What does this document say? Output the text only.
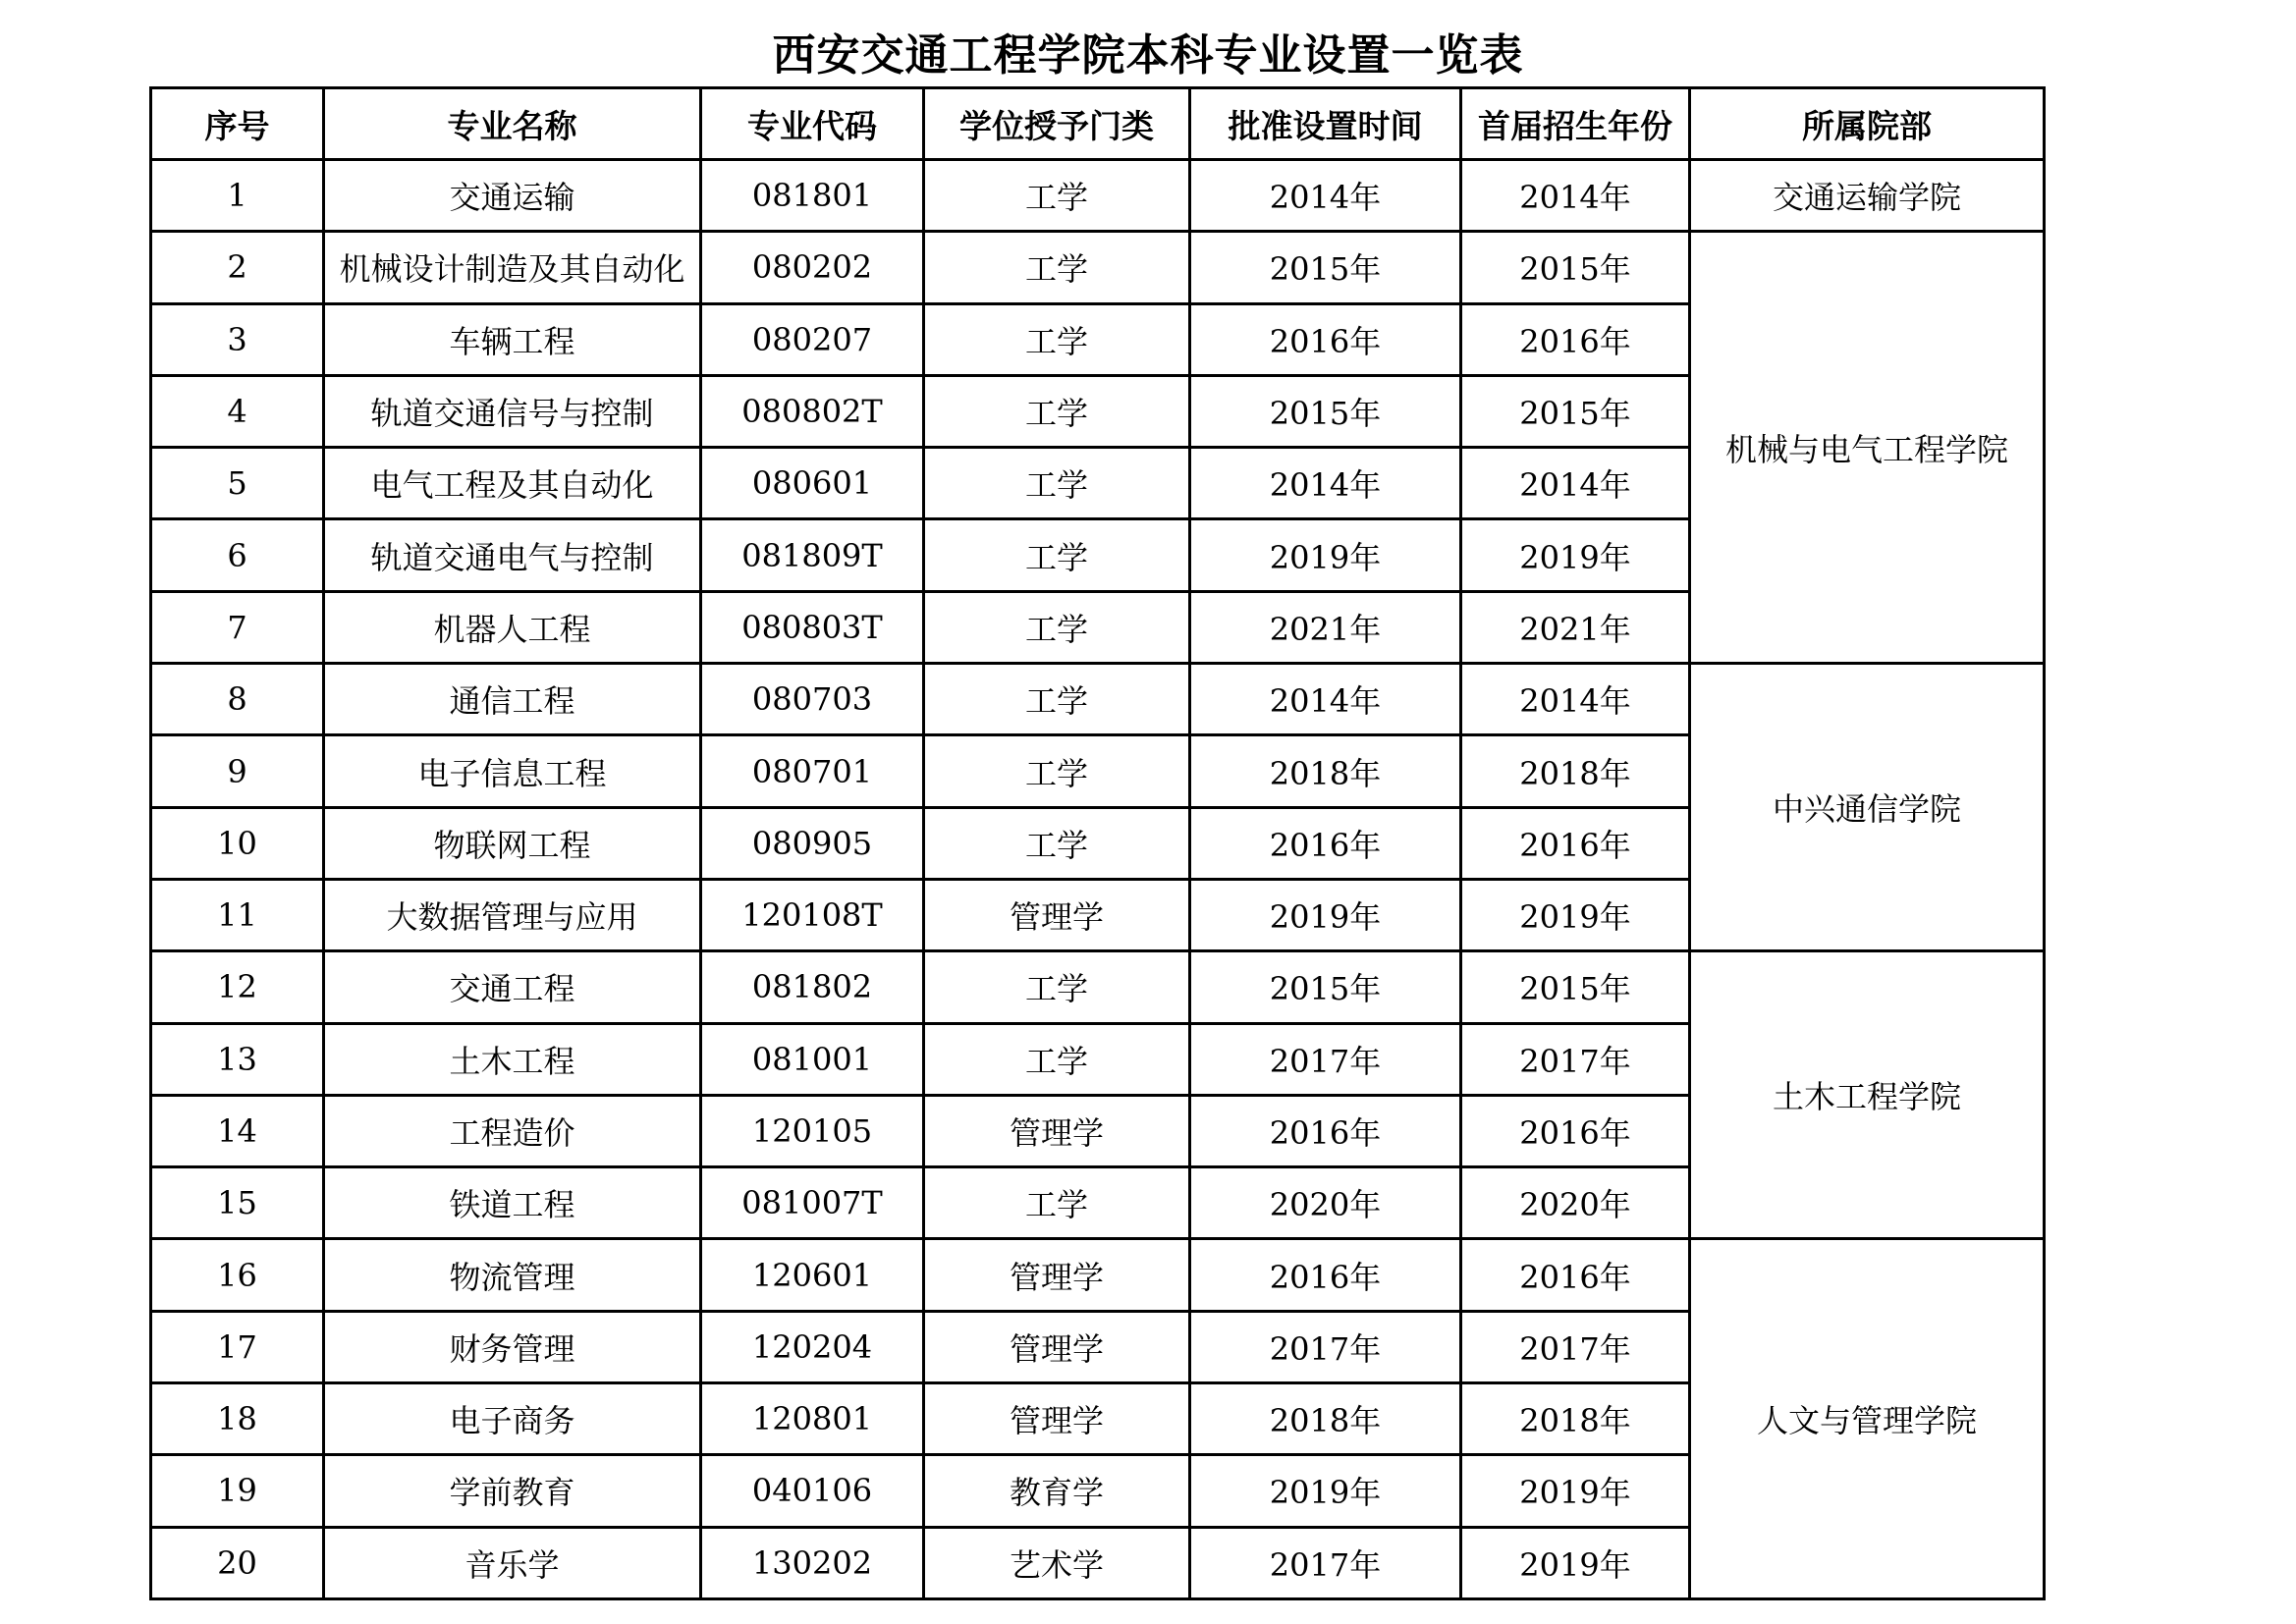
西安交通工程学院本科专业设置一览表
序号	专业名称	专业代码	学位授予门类	批准设置时间	首届招生年份	所属院部
1	交通运输	081801	工学	2014年	2014年	交通运输学院
2	机械设计制造及其自动化	080202	工学	2015年	2015年	机械与电气工程学院
3	车辆工程	080207	工学	2016年	2016年	
4	轨道交通信号与控制	080802T	工学	2015年	2015年	
5	电气工程及其自动化	080601	工学	2014年	2014年	
6	轨道交通电气与控制	081809T	工学	2019年	2019年	
7	机器人工程	080803T	工学	2021年	2021年	
8	通信工程	080703	工学	2014年	2014年	中兴通信学院
9	电子信息工程	080701	工学	2018年	2018年	
10	物联网工程	080905	工学	2016年	2016年	
11	大数据管理与应用	120108T	管理学	2019年	2019年	
12	交通工程	081802	工学	2015年	2015年	土木工程学院
13	土木工程	081001	工学	2017年	2017年	
14	工程造价	120105	管理学	2016年	2016年	
15	铁道工程	081007T	工学	2020年	2020年	
16	物流管理	120601	管理学	2016年	2016年	人文与管理学院
17	财务管理	120204	管理学	2017年	2017年	
18	电子商务	120801	管理学	2018年	2018年	
19	学前教育	040106	教育学	2019年	2019年	
20	音乐学	130202	艺术学	2017年	2019年	
